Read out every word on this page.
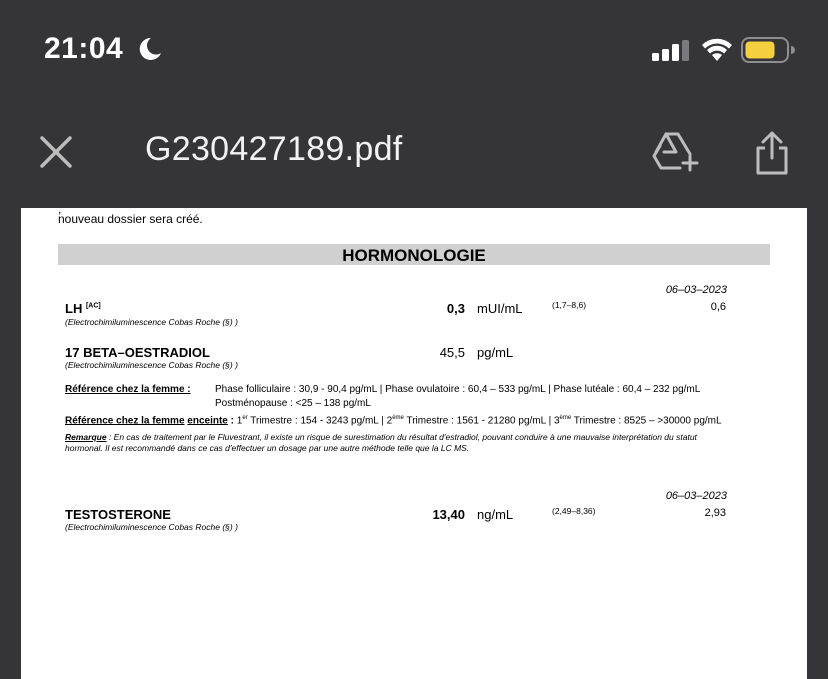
21:04
G230427189.pdf
,
nouveau dossier sera créé.
HORMONOLOGIE
06–03–2023
LH [AC]
(Electrochimiluminescence Cobas Roche (§) )
0,3 mUI/mL	(1,7–8,6)	0,6
17 BETA–OESTRADIOL
(Electrochimiluminescence Cobas Roche (§) )
45,5 pg/mL
Référence chez la femme : Phase folliculaire : 30,9 - 90,4 pg/mL | Phase ovulatoire : 60,4 – 533 pg/mL | Phase lutéale : 60,4 – 232 pg/mL
Postménopause : <25 – 138 pg/mL
Référence chez la femme enceinte : 1er Trimestre : 154 - 3243 pg/mL | 2ème Trimestre : 1561 - 21280 pg/mL | 3ème Trimestre : 8525 – >30000 pg/mL
Remarque : En cas de traitement par le Fluvestrant, il existe un risque de surestimation du résultat d'estradiol, pouvant conduire à une mauvaise interprétation du statut
hormonal. Il est recommandé dans ce cas d'effectuer un dosage par une autre méthode telle que la LC MS.
06–03–2023
TESTOSTERONE
(Electrochimiluminescence Cobas Roche (§) )
13,40 ng/mL	(2,49–8,36)	2,93
